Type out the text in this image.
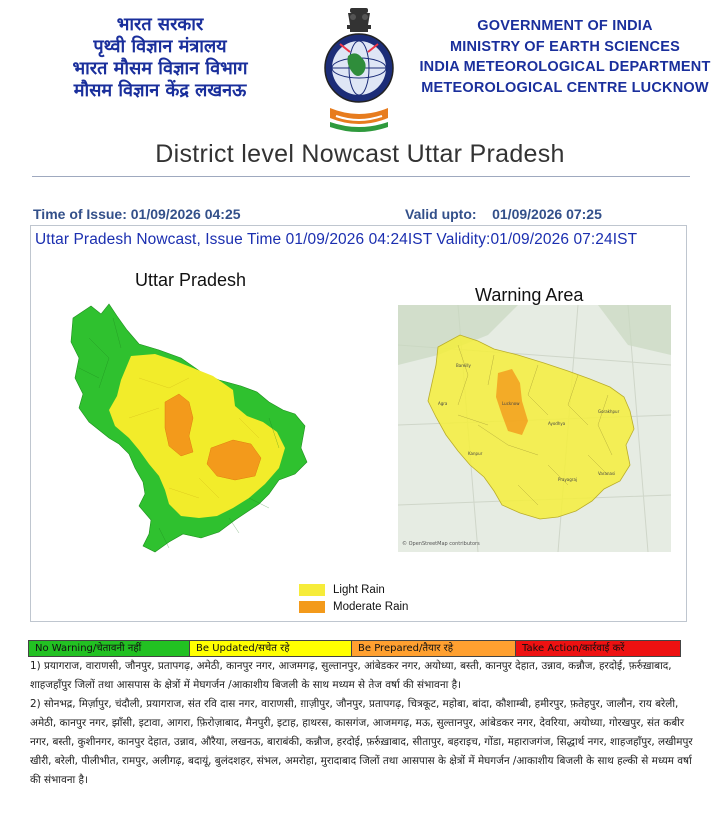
भारत सरकार
पृथ्वी विज्ञान मंत्रालय
भारत मौसम विज्ञान विभाग
मौसम विज्ञान केंद्र लखनऊ
GOVERNMENT OF INDIA
MINISTRY OF EARTH SCIENCES
INDIA METEOROLOGICAL DEPARTMENT
METEOROLOGICAL CENTRE LUCKNOW
District level Nowcast Uttar Pradesh
Time of Issue: 01/09/2026 04:25	Valid upto:    01/09/2026 07:25
Uttar Pradesh Nowcast, Issue Time 01/09/2026 04:24IST Validity:01/09/2026 07:24IST
Uttar Pradesh
Warning Area
Bareilly
Lucknow
Ayodhya
Gorakhpur
Kanpur
Prayagraj
Varanasi
Agra
© OpenStreetMap contributors
Light Rain
Moderate Rain
No Warning/चेतावनी नहीं	Be Updated/सचेत रहे	Be Prepared/तैयार रहे	Take Action/कार्रवाई करें
1) प्रयागराज, वाराणसी, जौनपुर, प्रतापगढ़, अमेठी, कानपुर नगर, आजमगढ़, सुल्तानपुर, आंबेडकर नगर, अयोध्या, बस्ती, कानपुर देहात, उन्नाव, कन्नौज, हरदोई, फ़र्रुख़ाबाद, शाहजहाँपुर जिलों तथा आसपास के क्षेत्रों में मेघगर्जन /आकाशीय बिजली के साथ मध्यम से तेज वर्षा की संभावना है।
2) सोनभद्र, मिर्ज़ापुर, चंदौली, प्रयागराज, संत रवि दास नगर, वाराणसी, ग़ाज़ीपुर, जौनपुर, प्रतापगढ़, चित्रकूट, महोबा, बांदा, कौशाम्बी, हमीरपुर, फ़तेहपुर, जालौन, राय बरेली, अमेठी, कानपुर नगर, झाँसी, इटावा, आगरा, फ़िरोज़ाबाद, मैनपुरी, इटाह, हाथरस, कासगंज, आजमगढ़, मऊ, सुल्तानपुर, आंबेडकर नगर, देवरिया, अयोध्या, गोरखपुर, संत कबीर नगर, बस्ती, कुशीनगर, कानपुर देहात, उन्नाव, औरैया, लखनऊ, बाराबंकी, कन्नौज, हरदोई, फ़र्रुख़ाबाद, सीतापुर, बहराइच, गोंडा, महाराजगंज, सिद्धार्थ नगर, शाहजहाँपुर, लखीमपुर खीरी, बरेली, पीलीभीत, रामपुर, अलीगढ़, बदायूं, बुलंदशहर, संभल, अमरोहा, मुरादाबाद जिलों तथा आसपास के क्षेत्रों में मेघगर्जन /आकाशीय बिजली के साथ हल्की से मध्यम वर्षा की संभावना है।
